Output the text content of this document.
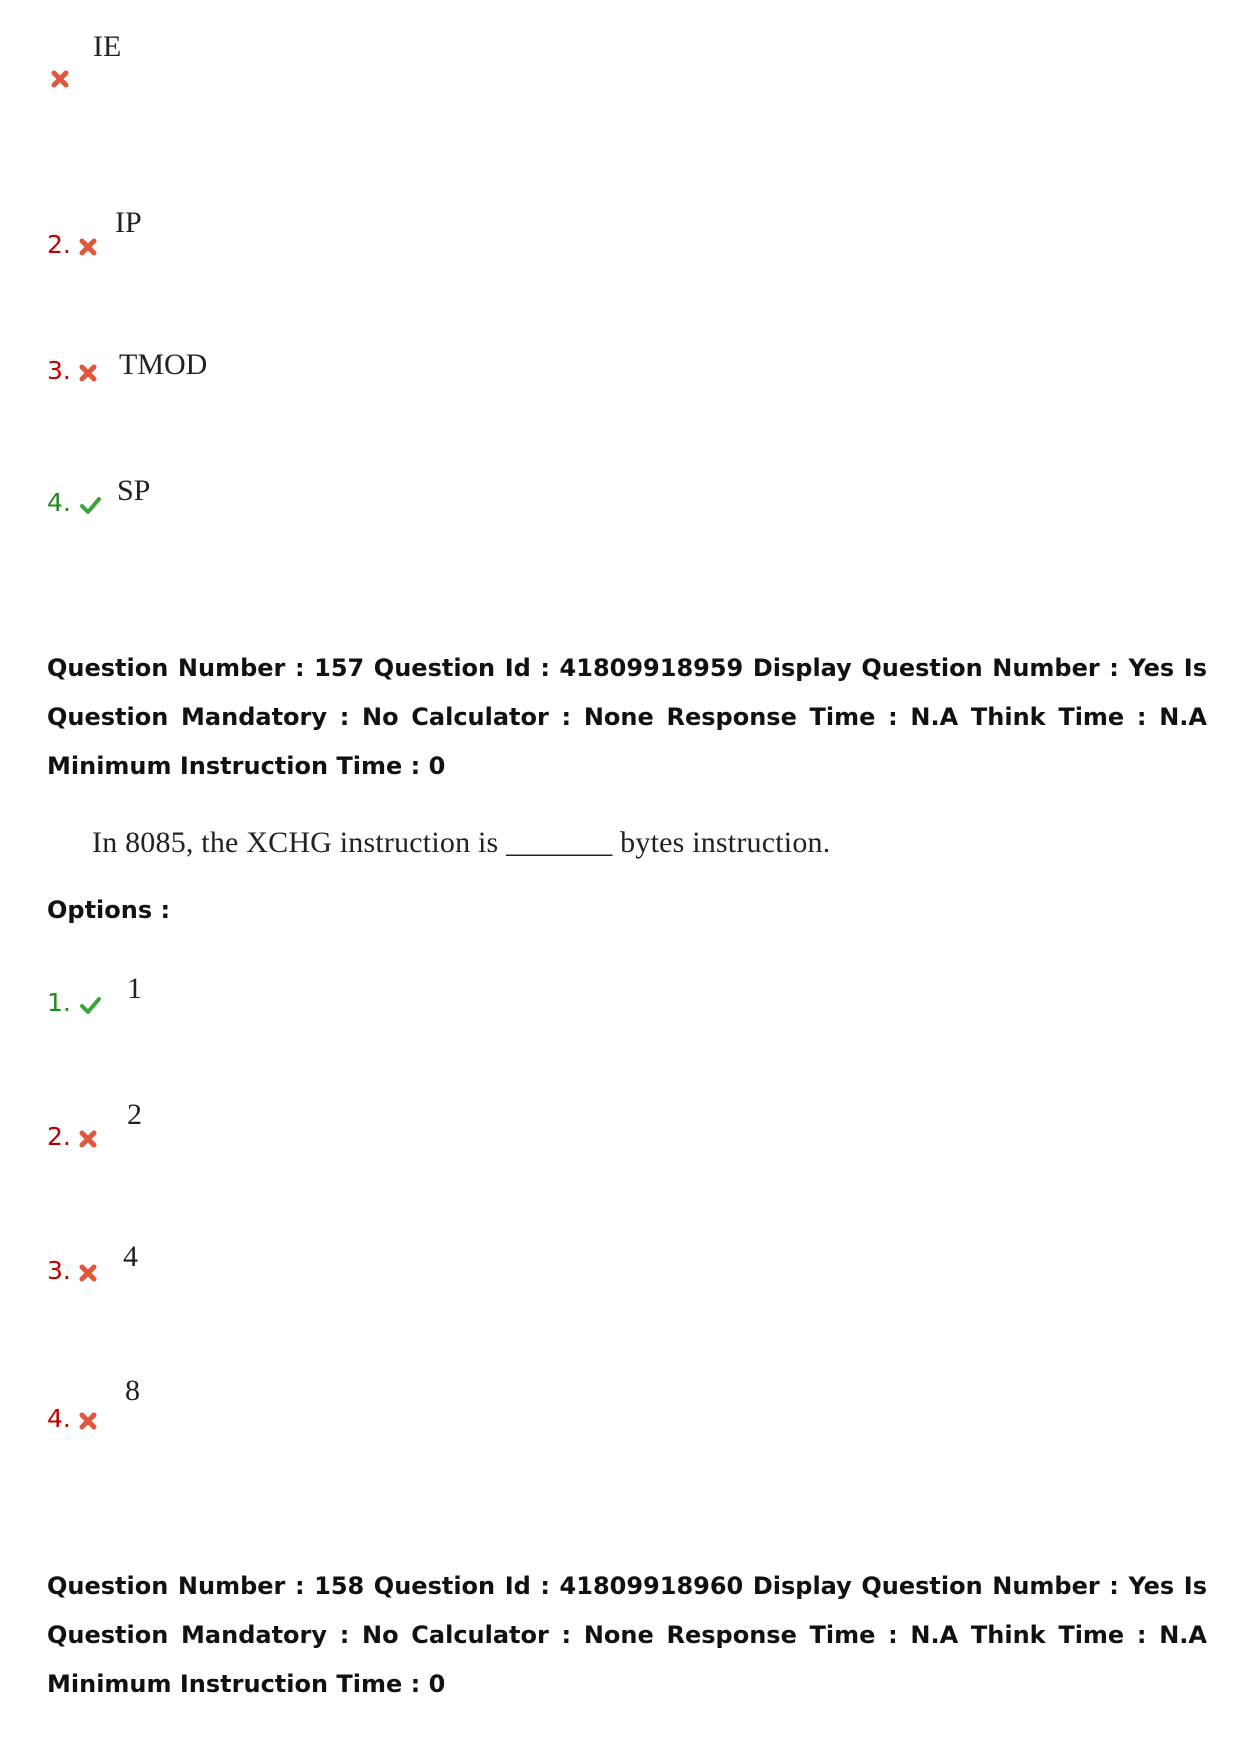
IE
2.
IP
3. TMOD
4. SP
Question Number : 157 Question Id : 41809918959 Display Question Number : Yes Is Question Mandatory : No Calculator : None Response Time : N.A Think Time : N.A Minimum Instruction Time : 0
In 8085, the XCHG instruction is _______ bytes instruction.
Options :
1. 1
2.
2
3. 4
4.
8
Question Number : 158 Question Id : 41809918960 Display Question Number : Yes Is Question Mandatory : No Calculator : None Response Time : N.A Think Time : N.A Minimum Instruction Time : 0
